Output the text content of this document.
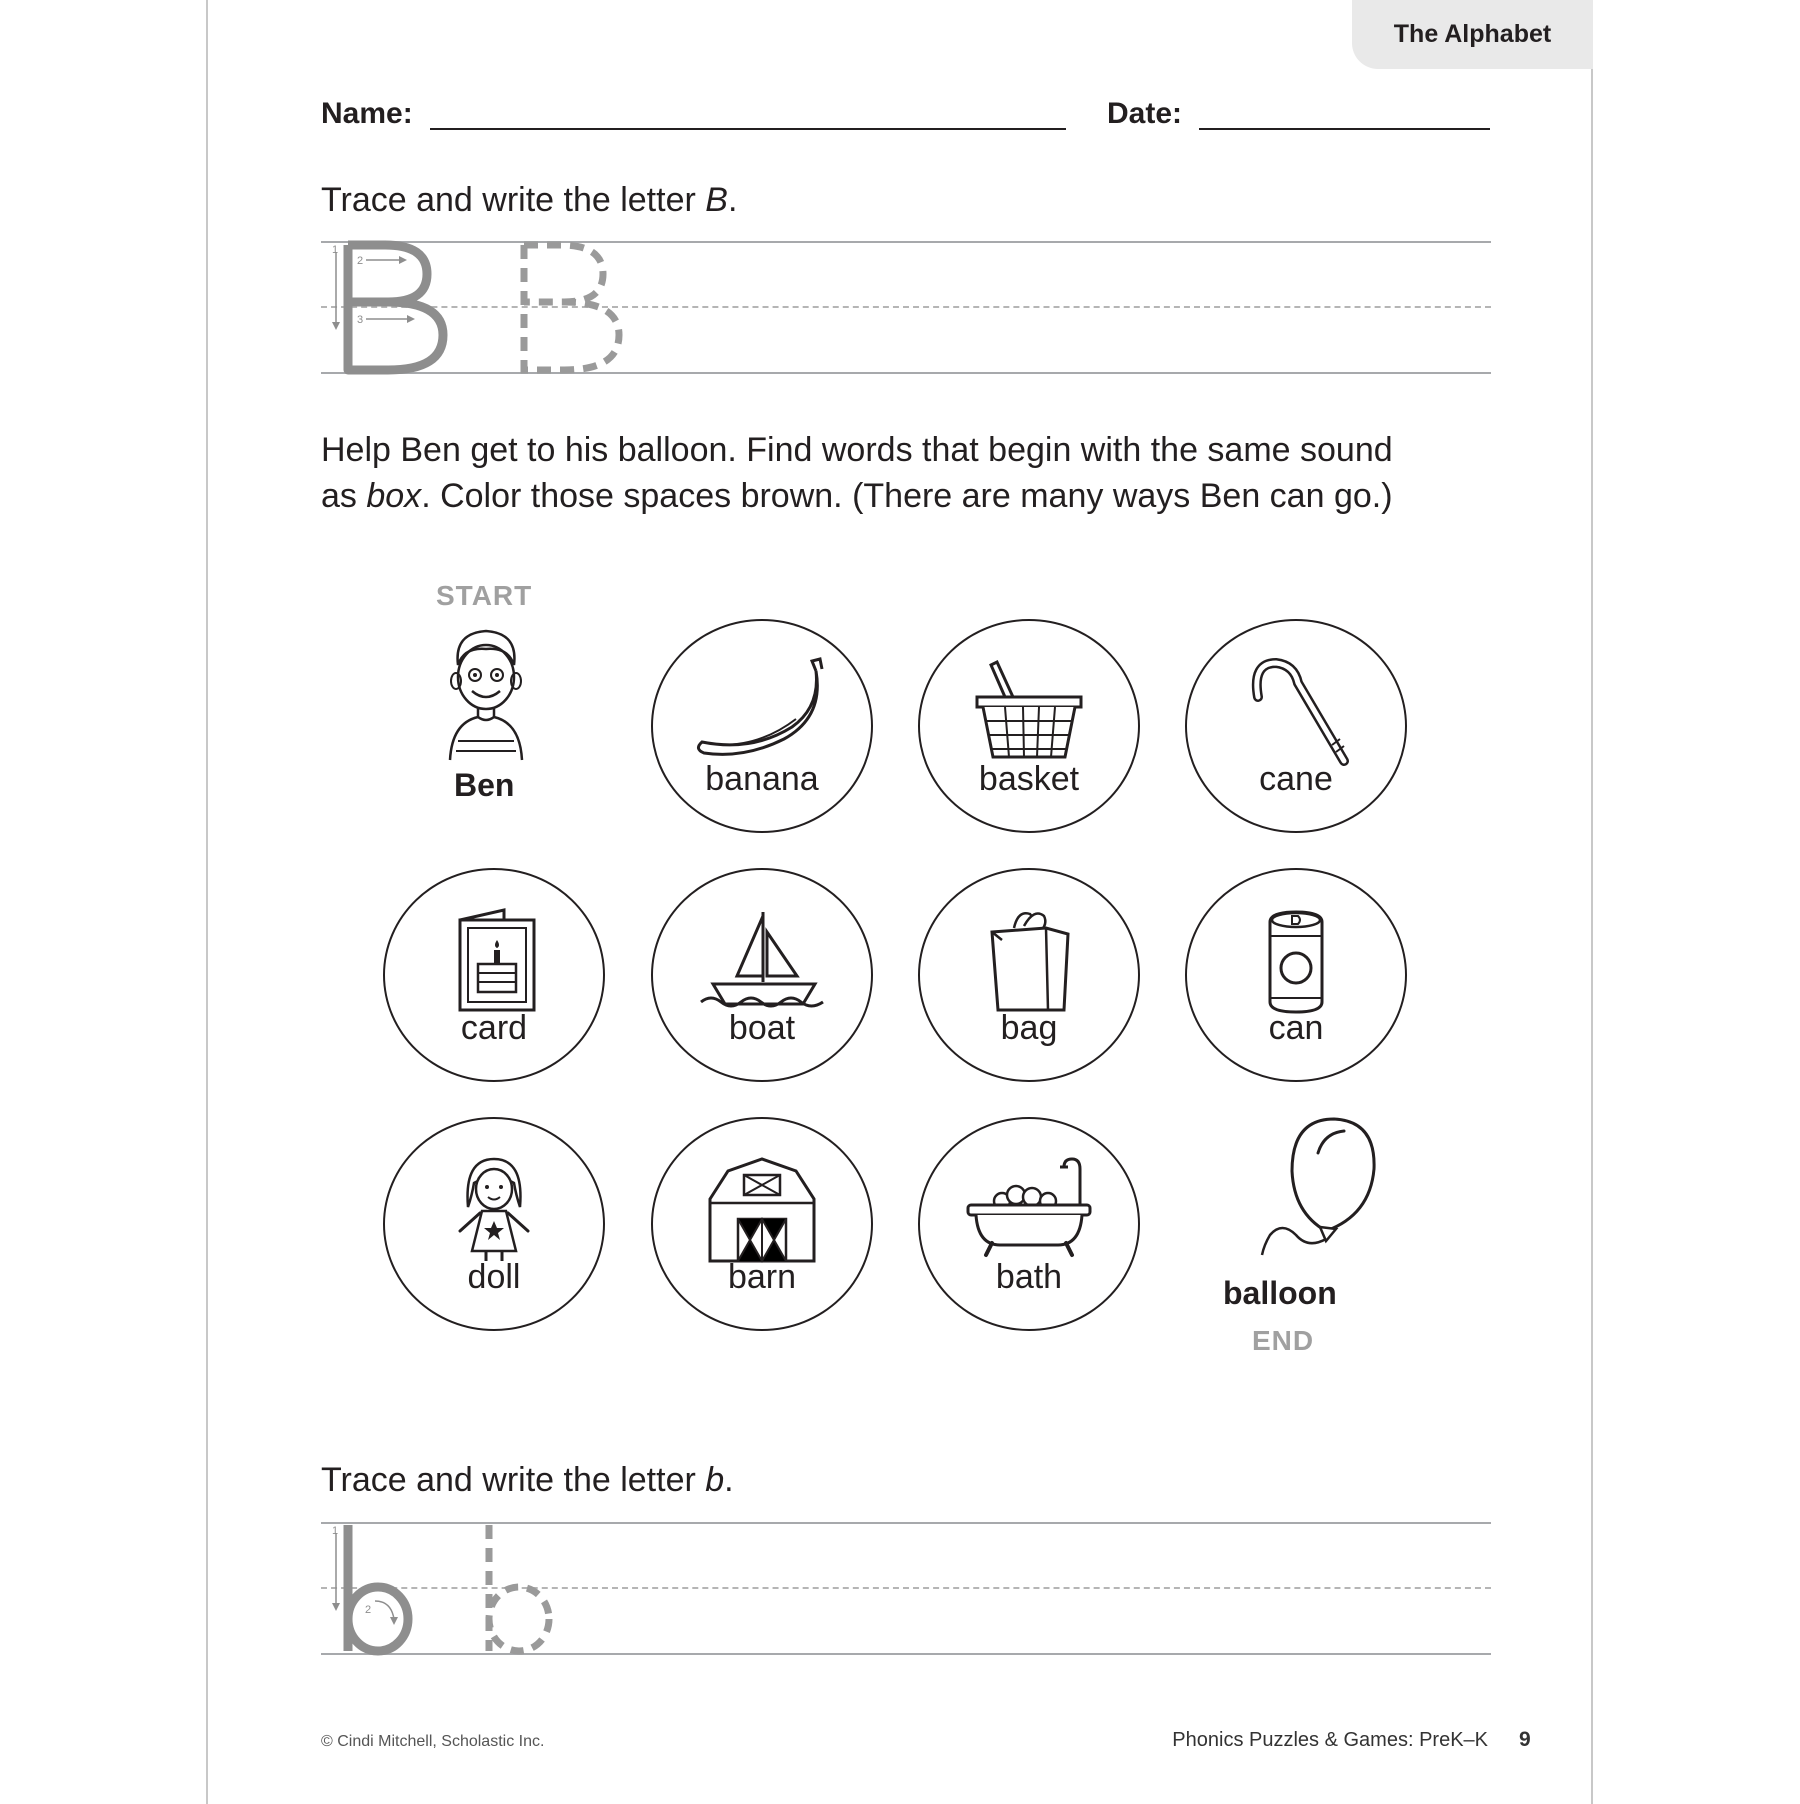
The Alphabet
Name:	Date:
Trace and write the letter B.
1
2
3
Help Ben get to his balloon. Find words that begin with the same sound
as box. Color those spaces brown. (There are many ways Ben can go.)
START
Ben	banana	basket	cane
card	boat	bag	can
doll	barn	bath	balloon
END
Trace and write the letter b.
1
2
© Cindi Mitchell, Scholastic Inc.	Phonics Puzzles & Games: PreK–K 9
